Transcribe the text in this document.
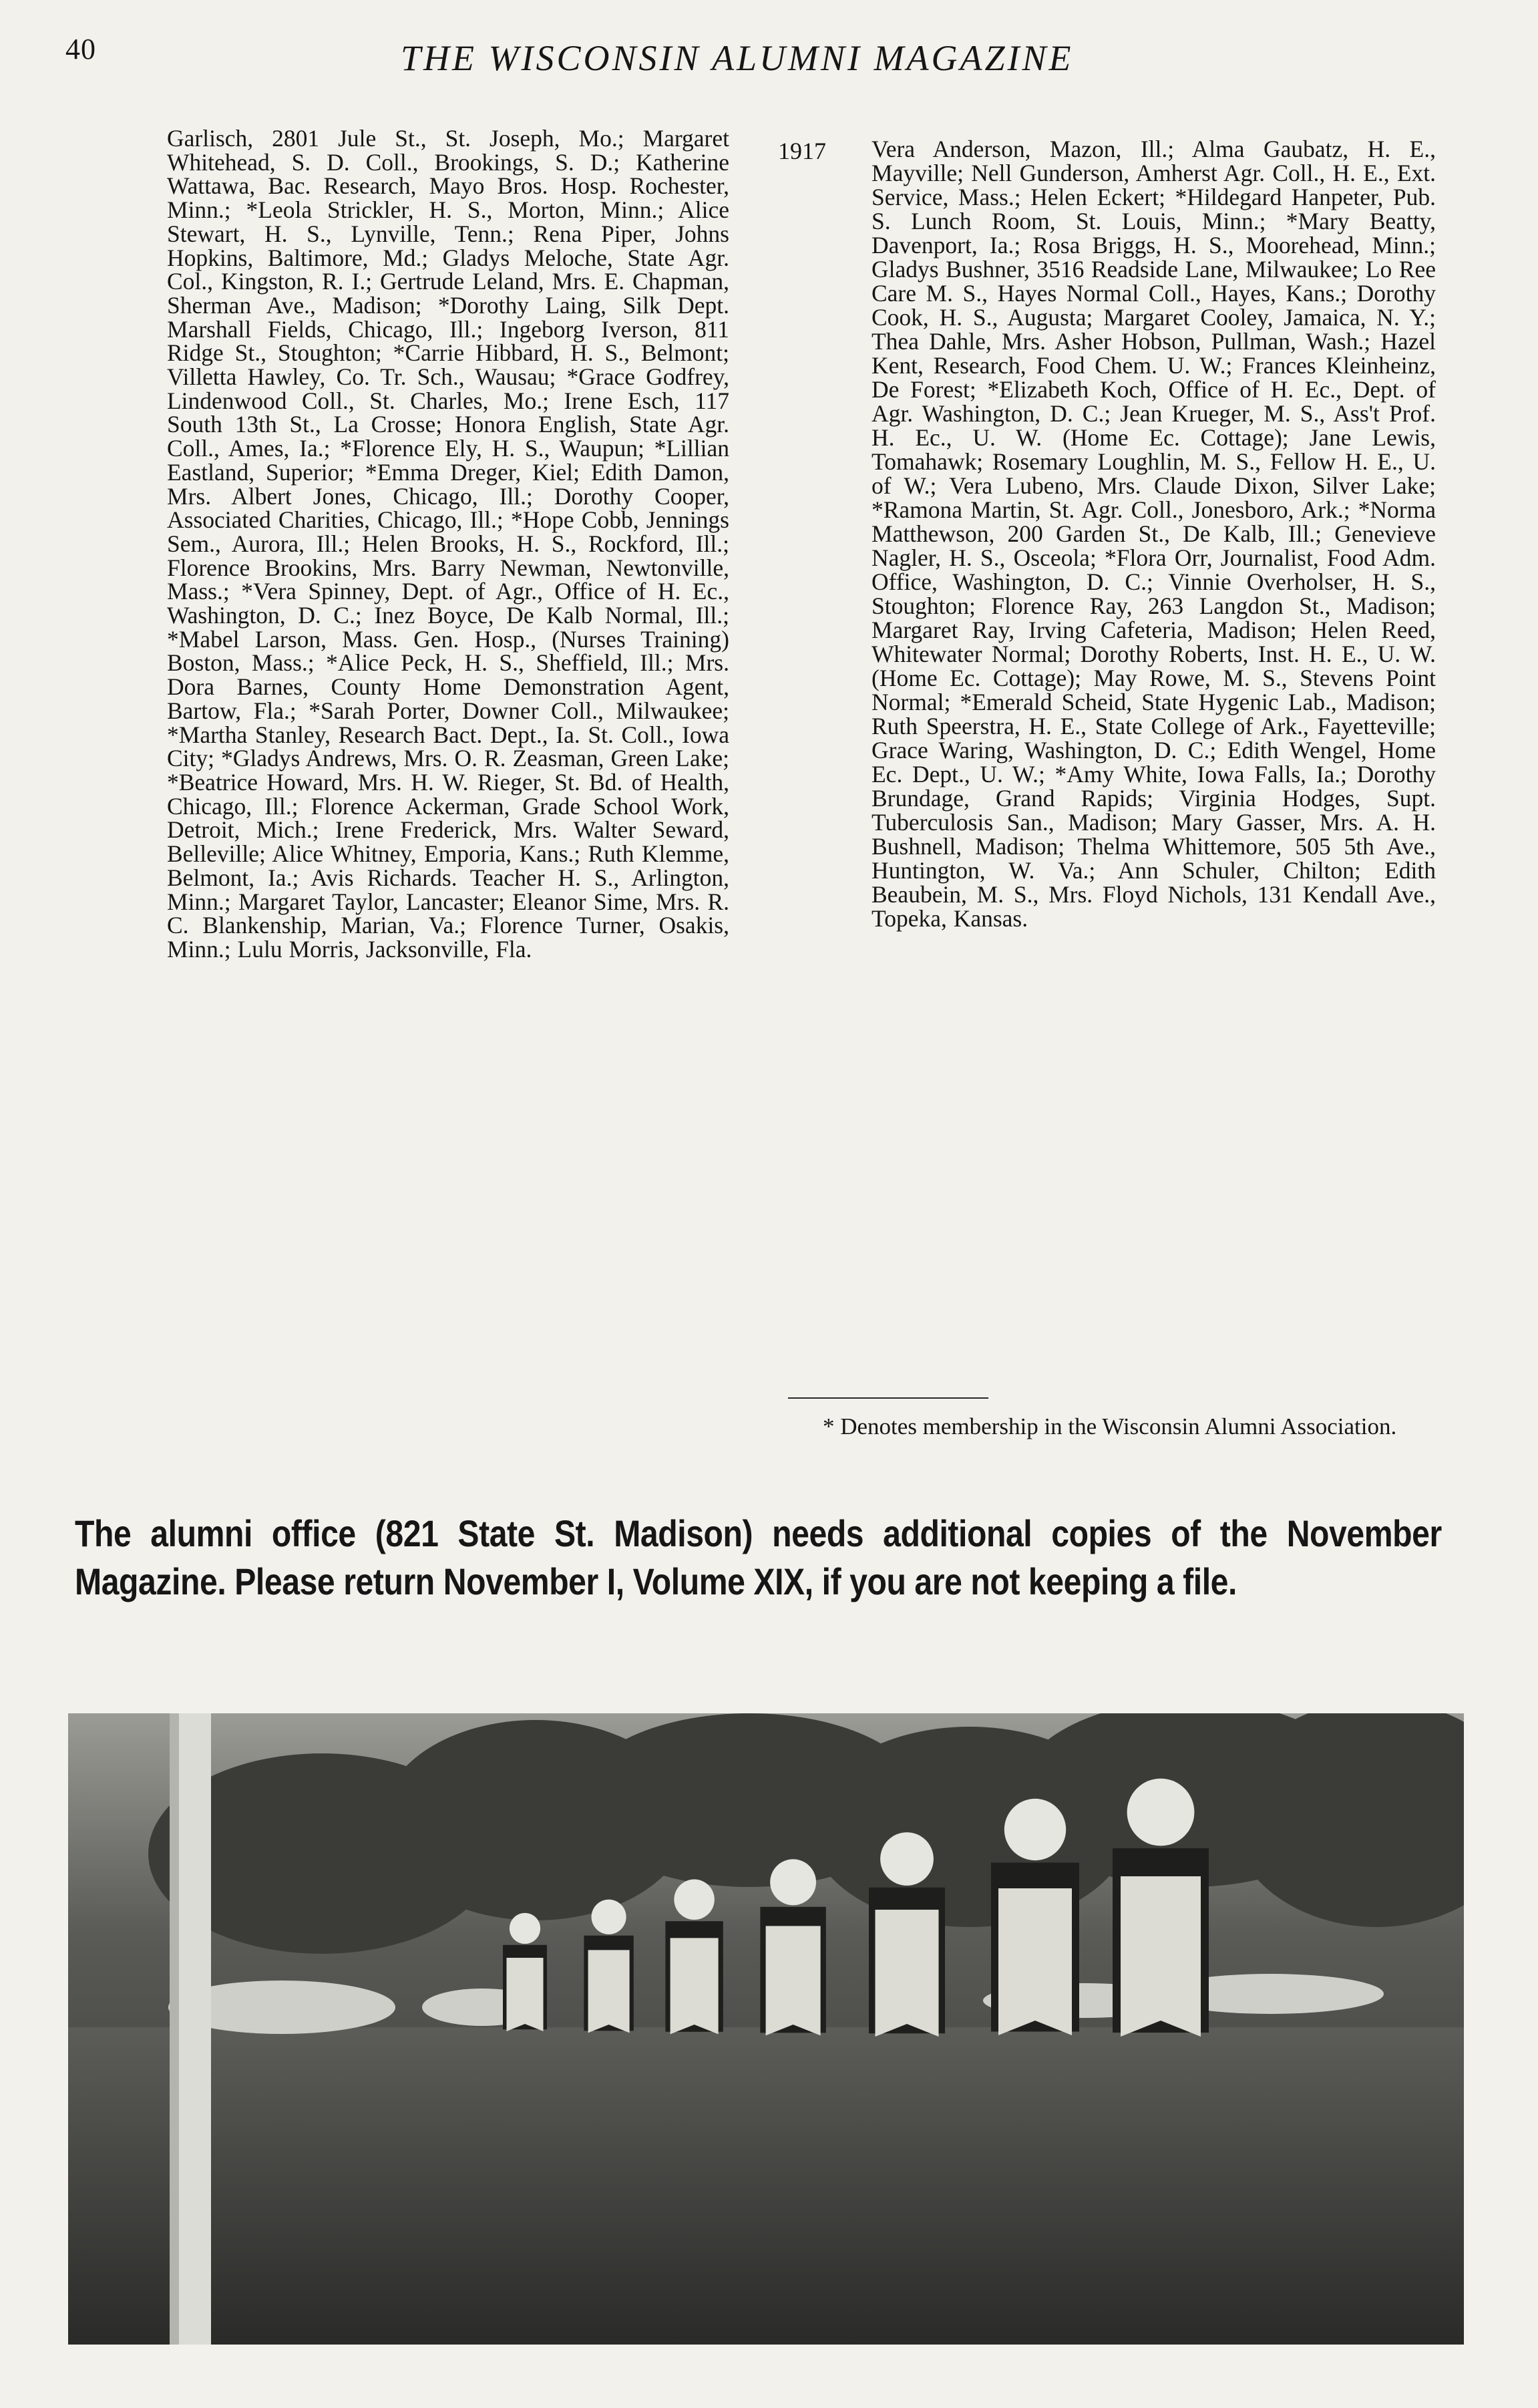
40	THE WISCONSIN ALUMNI MAGAZINE

Garlisch, 2801 Jule St., St. Joseph, Mo.; Margaret Whitehead, S. D. Coll., Brookings, S. D.; Katherine Wattawa, Bac. Research, Mayo Bros. Hosp. Rochester, Minn.; *Leola Strickler, H. S., Morton, Minn.; Alice Stewart, H. S., Lynville, Tenn.; Rena Piper, Johns Hopkins, Baltimore, Md.; Gladys Meloche, State Agr. Col., Kingston, R. I.; Gertrude Leland, Mrs. E. Chapman, Sherman Ave., Madison; *Dorothy Laing, Silk Dept. Marshall Fields, Chicago, Ill.; Ingeborg Iverson, 811 Ridge St., Stoughton; *Carrie Hibbard, H. S., Belmont; Villetta Hawley, Co. Tr. Sch., Wausau; *Grace Godfrey, Lindenwood Coll., St. Charles, Mo.; Irene Esch, 117 South 13th St., La Crosse; Honora English, State Agr. Coll., Ames, Ia.; *Florence Ely, H. S., Waupun; *Lillian Eastland, Superior; *Emma Dreger, Kiel; Edith Damon, Mrs. Albert Jones, Chicago, Ill.; Dorothy Cooper, Associated Charities, Chicago, Ill.; *Hope Cobb, Jennings Sem., Aurora, Ill.; Helen Brooks, H. S., Rockford, Ill.; Florence Brookins, Mrs. Barry Newman, Newtonville, Mass.; *Vera Spinney, Dept. of Agr., Office of H. Ec., Washington, D. C.; Inez Boyce, De Kalb Normal, Ill.; *Mabel Larson, Mass. Gen. Hosp., (Nurses Training) Boston, Mass.; *Alice Peck, H. S., Sheffield, Ill.; Mrs. Dora Barnes, County Home Demonstration Agent, Bartow, Fla.; *Sarah Porter, Downer Coll., Milwaukee; *Martha Stanley, Research Bact. Dept., Ia. St. Coll., Iowa City; *Gladys Andrews, Mrs. O. R. Zeasman, Green Lake; *Beatrice Howard, Mrs. H. W. Rieger, St. Bd. of Health, Chicago, Ill.; Florence Ackerman, Grade School Work, Detroit, Mich.; Irene Frederick, Mrs. Walter Seward, Belleville; Alice Whitney, Emporia, Kans.; Ruth Klemme, Belmont, Ia.; Avis Richards. Teacher H. S., Arlington, Minn.; Margaret Taylor, Lancaster; Eleanor Sime, Mrs. R. C. Blankenship, Marian, Va.; Florence Turner, Osakis, Minn.; Lulu Morris, Jacksonville, Fla.

1917 Vera Anderson, Mazon, Ill.; Alma Gaubatz, H. E., Mayville; Nell Gunderson, Amherst Agr. Coll., H. E., Ext. Service, Mass.; Helen Eckert; *Hildegard Hanpeter, Pub. S. Lunch Room, St. Louis, Minn.; *Mary Beatty, Davenport, Ia.; Rosa Briggs, H. S., Moorehead, Minn.; Gladys Bushner, 3516 Readside Lane, Milwaukee; Lo Ree Care M. S., Hayes Normal Coll., Hayes, Kans.; Dorothy Cook, H. S., Augusta; Margaret Cooley, Jamaica, N. Y.; Thea Dahle, Mrs. Asher Hobson, Pullman, Wash.; Hazel Kent, Research, Food Chem. U. W.; Frances Kleinheinz, De Forest; *Elizabeth Koch, Office of H. Ec., Dept. of Agr. Washington, D. C.; Jean Krueger, M. S., Ass't Prof. H. Ec., U. W. (Home Ec. Cottage); Jane Lewis, Tomahawk; Rosemary Loughlin, M. S., Fellow H. E., U. of W.; Vera Lubeno, Mrs. Claude Dixon, Silver Lake; *Ramona Martin, St. Agr. Coll., Jonesboro, Ark.; *Norma Matthewson, 200 Garden St., De Kalb, Ill.; Genevieve Nagler, H. S., Osceola; *Flora Orr, Journalist, Food Adm. Office, Washington, D. C.; Vinnie Overholser, H. S., Stoughton; Florence Ray, 263 Langdon St., Madison; Margaret Ray, Irving Cafeteria, Madison; Helen Reed, Whitewater Normal; Dorothy Roberts, Inst. H. E., U. W. (Home Ec. Cottage); May Rowe, M. S., Stevens Point Normal; *Emerald Scheid, State Hygenic Lab., Madison; Ruth Speerstra, H. E., State College of Ark., Fayetteville; Grace Waring, Washington, D. C.; Edith Wengel, Home Ec. Dept., U. W.; *Amy White, Iowa Falls, Ia.; Dorothy Brundage, Grand Rapids; Virginia Hodges, Supt. Tuberculosis San., Madison; Mary Gasser, Mrs. A. H. Bushnell, Madison; Thelma Whittemore, 505 5th Ave., Huntington, W. Va.; Ann Schuler, Chilton; Edith Beaubein, M. S., Mrs. Floyd Nichols, 131 Kendall Ave., Topeka, Kansas.

* Denotes membership in the Wisconsin Alumni Association.

The alumni office (821 State St. Madison) needs additional copies of the November Magazine. Please return November I, Volume XIX, if you are not keeping a file.
